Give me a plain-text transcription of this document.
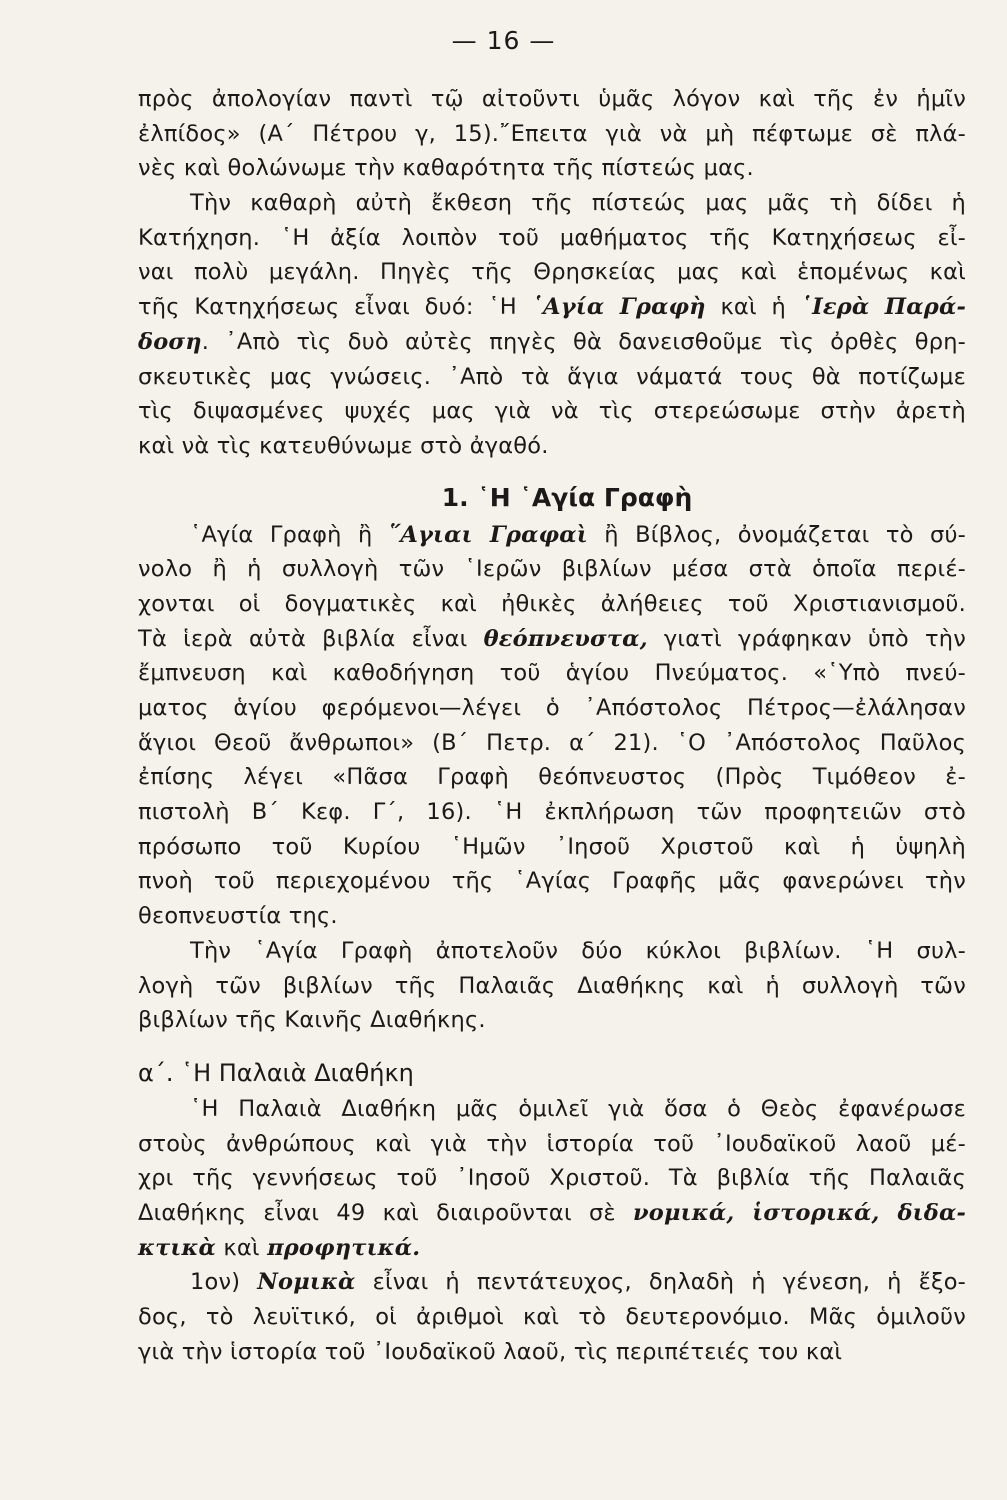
— 16 —
πρὸς ἀπολογίαν παντὶ τῷ αἰτοῦντι ὑμᾶς λόγον καὶ τῆς ἐν ἡμῖν
ἐλπίδος» (Α΄ Πέτρου γ, 15).῎Επειτα γιὰ νὰ μὴ πέφτωμε σὲ πλά-
νὲς καὶ θολώνωμε τὴν καθαρότητα τῆς πίστεώς μας.
Τὴν καθαρὴ αὐτὴ ἔκθεση τῆς πίστεώς μας μᾶς τὴ δίδει ἡ
Κατήχηση. ῾Η ἀξία λοιπὸν τοῦ μαθήματος τῆς Κατηχήσεως εἶ-
ναι πολὺ μεγάλη. Πηγὲς τῆς Θρησκείας μας καὶ ἑπομένως καὶ
τῆς Κατηχήσεως εἶναι δυό: ῾Η ῾Αγία Γραφὴ καὶ ἡ ῾Ιερὰ Παρά-
δοση. ᾿Απὸ τὶς δυὸ αὐτὲς πηγὲς θὰ δανεισθοῦμε τὶς ὀρθὲς θρη-
σκευτικὲς μας γνώσεις. ᾿Απὸ τὰ ἅγια νάματά τους θὰ ποτίζωμε
τὶς διψασμένες ψυχές μας γιὰ νὰ τὶς στερεώσωμε στὴν ἀρετὴ
καὶ νὰ τὶς κατευθύνωμε στὸ ἀγαθό.
1. ῾Η ῾Αγία Γραφὴ
῾Αγία Γραφὴ ἢ ῞Αγιαι Γραφαὶ ἢ Βίβλος, ὀνομάζεται τὸ σύ-
νολο ἢ ἡ συλλογὴ τῶν ῾Ιερῶν βιβλίων μέσα στὰ ὁποῖα περιέ-
χονται οἱ δογματικὲς καὶ ἠθικὲς ἀλήθειες τοῦ Χριστιανισμοῦ.
Τὰ ἱερὰ αὐτὰ βιβλία εἶναι θεόπνευστα, γιατὶ γράφηκαν ὑπὸ τὴν
ἔμπνευση καὶ καθοδήγηση τοῦ ἁγίου Πνεύματος. «῾Υπὸ πνεύ-
ματος ἁγίου φερόμενοι—λέγει ὁ ᾿Απόστολος Πέτρος—ἐλάλησαν
ἅγιοι Θεοῦ ἄνθρωποι» (Β΄ Πετρ. α΄ 21). ῾Ο ᾿Απόστολος Παῦλος
ἐπίσης λέγει «Πᾶσα Γραφὴ θεόπνευστος (Πρὸς Τιμόθεον ἐ-
πιστολὴ Β΄ Κεφ. Γ΄, 16). ῾Η ἐκπλήρωση τῶν προφητειῶν στὸ
πρόσωπο τοῦ Κυρίου ῾Ημῶν ᾿Ιησοῦ Χριστοῦ καὶ ἡ ὑψηλὴ
πνοὴ τοῦ περιεχομένου τῆς ῾Αγίας Γραφῆς μᾶς φανερώνει τὴν
θεοπνευστία της.
Τὴν ῾Αγία Γραφὴ ἀποτελοῦν δύο κύκλοι βιβλίων. ῾Η συλ-
λογὴ τῶν βιβλίων τῆς Παλαιᾶς Διαθήκης καὶ ἡ συλλογὴ τῶν
βιβλίων τῆς Καινῆς Διαθήκης.
α΄. ῾Η Παλαιὰ Διαθήκη
῾Η Παλαιὰ Διαθήκη μᾶς ὁμιλεῖ γιὰ ὅσα ὁ Θεὸς ἐφανέρωσε
στοὺς ἀνθρώπους καὶ γιὰ τὴν ἱστορία τοῦ ᾿Ιουδαϊκοῦ λαοῦ μέ-
χρι τῆς γεννήσεως τοῦ ᾿Ιησοῦ Χριστοῦ. Τὰ βιβλία τῆς Παλαιᾶς
Διαθήκης εἶναι 49 καὶ διαιροῦνται σὲ νομικά, ἱστορικά, διδα-
κτικὰ καὶ προφητικά.
1ον) Νομικὰ εἶναι ἡ πεντάτευχος, δηλαδὴ ἡ γένεση, ἡ ἔξο-
δος, τὸ λευϊτικό, οἱ ἀριθμοὶ καὶ τὸ δευτερονόμιο. Μᾶς ὁμιλοῦν
γιὰ τὴν ἱστορία τοῦ ᾿Ιουδαϊκοῦ λαοῦ, τὶς περιπέτειές του καὶ
